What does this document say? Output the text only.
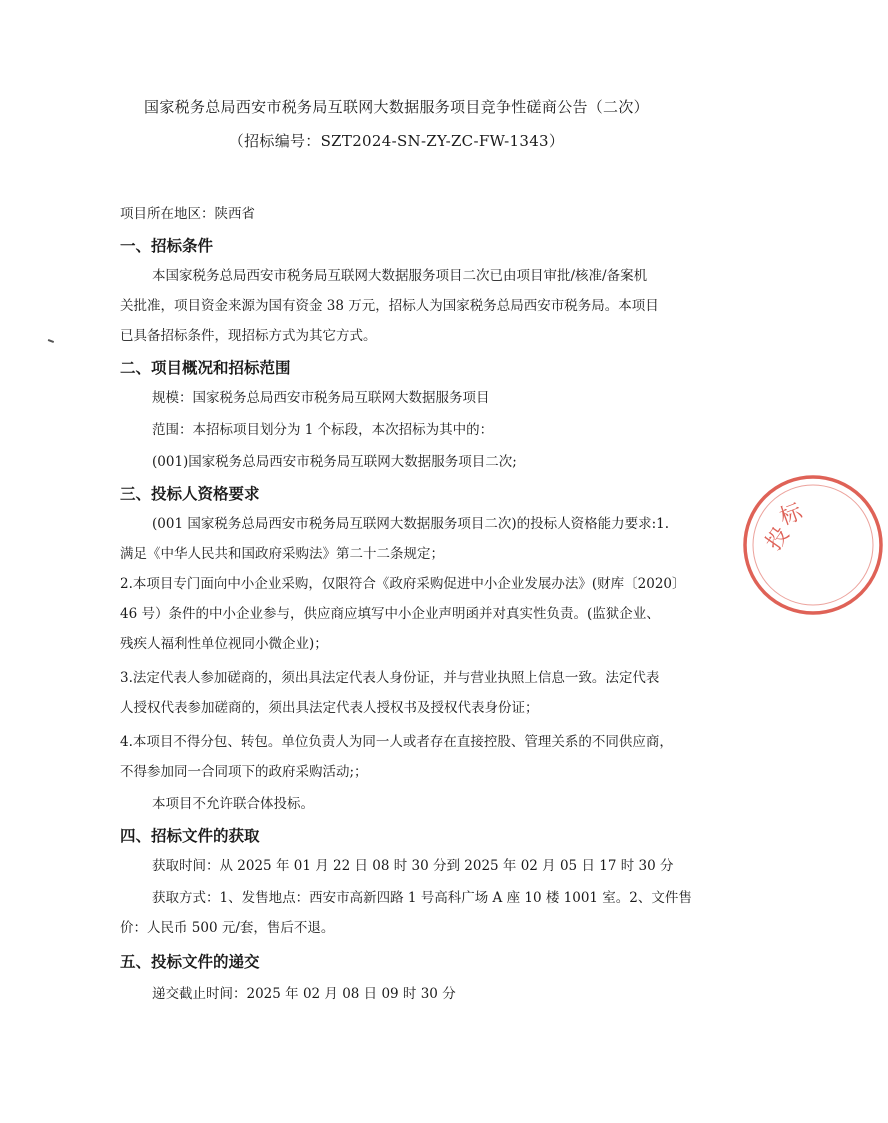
国家税务总局西安市税务局互联网大数据服务项目竞争性磋商公告（二次）
（招标编号：SZT2024-SN-ZY-ZC-FW-1343）
项目所在地区：陕西省
一、招标条件
本国家税务总局西安市税务局互联网大数据服务项目二次已由项目审批/核准/备案机
关批准，项目资金来源为国有资金 38 万元，招标人为国家税务总局西安市税务局。本项目
已具备招标条件，现招标方式为其它方式。
二、项目概况和招标范围
规模：国家税务总局西安市税务局互联网大数据服务项目
范围：本招标项目划分为 1 个标段，本次招标为其中的：
(001)国家税务总局西安市税务局互联网大数据服务项目二次;
三、投标人资格要求
(001 国家税务总局西安市税务局互联网大数据服务项目二次)的投标人资格能力要求:1.
满足《中华人民共和国政府采购法》第二十二条规定；
2.本项目专门面向中小企业采购，仅限符合《政府采购促进中小企业发展办法》(财库〔2020〕
46 号）条件的中小企业参与，供应商应填写中小企业声明函并对真实性负责。(监狱企业、
残疾人福利性单位视同小微企业)；
3.法定代表人参加磋商的，须出具法定代表人身份证，并与营业执照上信息一致。法定代表
人授权代表参加磋商的，须出具法定代表人授权书及授权代表身份证；
4.本项目不得分包、转包。单位负责人为同一人或者存在直接控股、管理关系的不同供应商，
不得参加同一合同项下的政府采购活动;；
本项目不允许联合体投标。
四、招标文件的获取
获取时间：从 2025 年 01 月 22 日 08 时 30 分到 2025 年 02 月 05 日 17 时 30 分
获取方式：1、发售地点：西安市高新四路 1 号高科广场 A 座 10 楼 1001 室。2、文件售
价：人民币 500 元/套，售后不退。
五、投标文件的递交
递交截止时间：2025 年 02 月 08 日 09 时 30 分
投
标
